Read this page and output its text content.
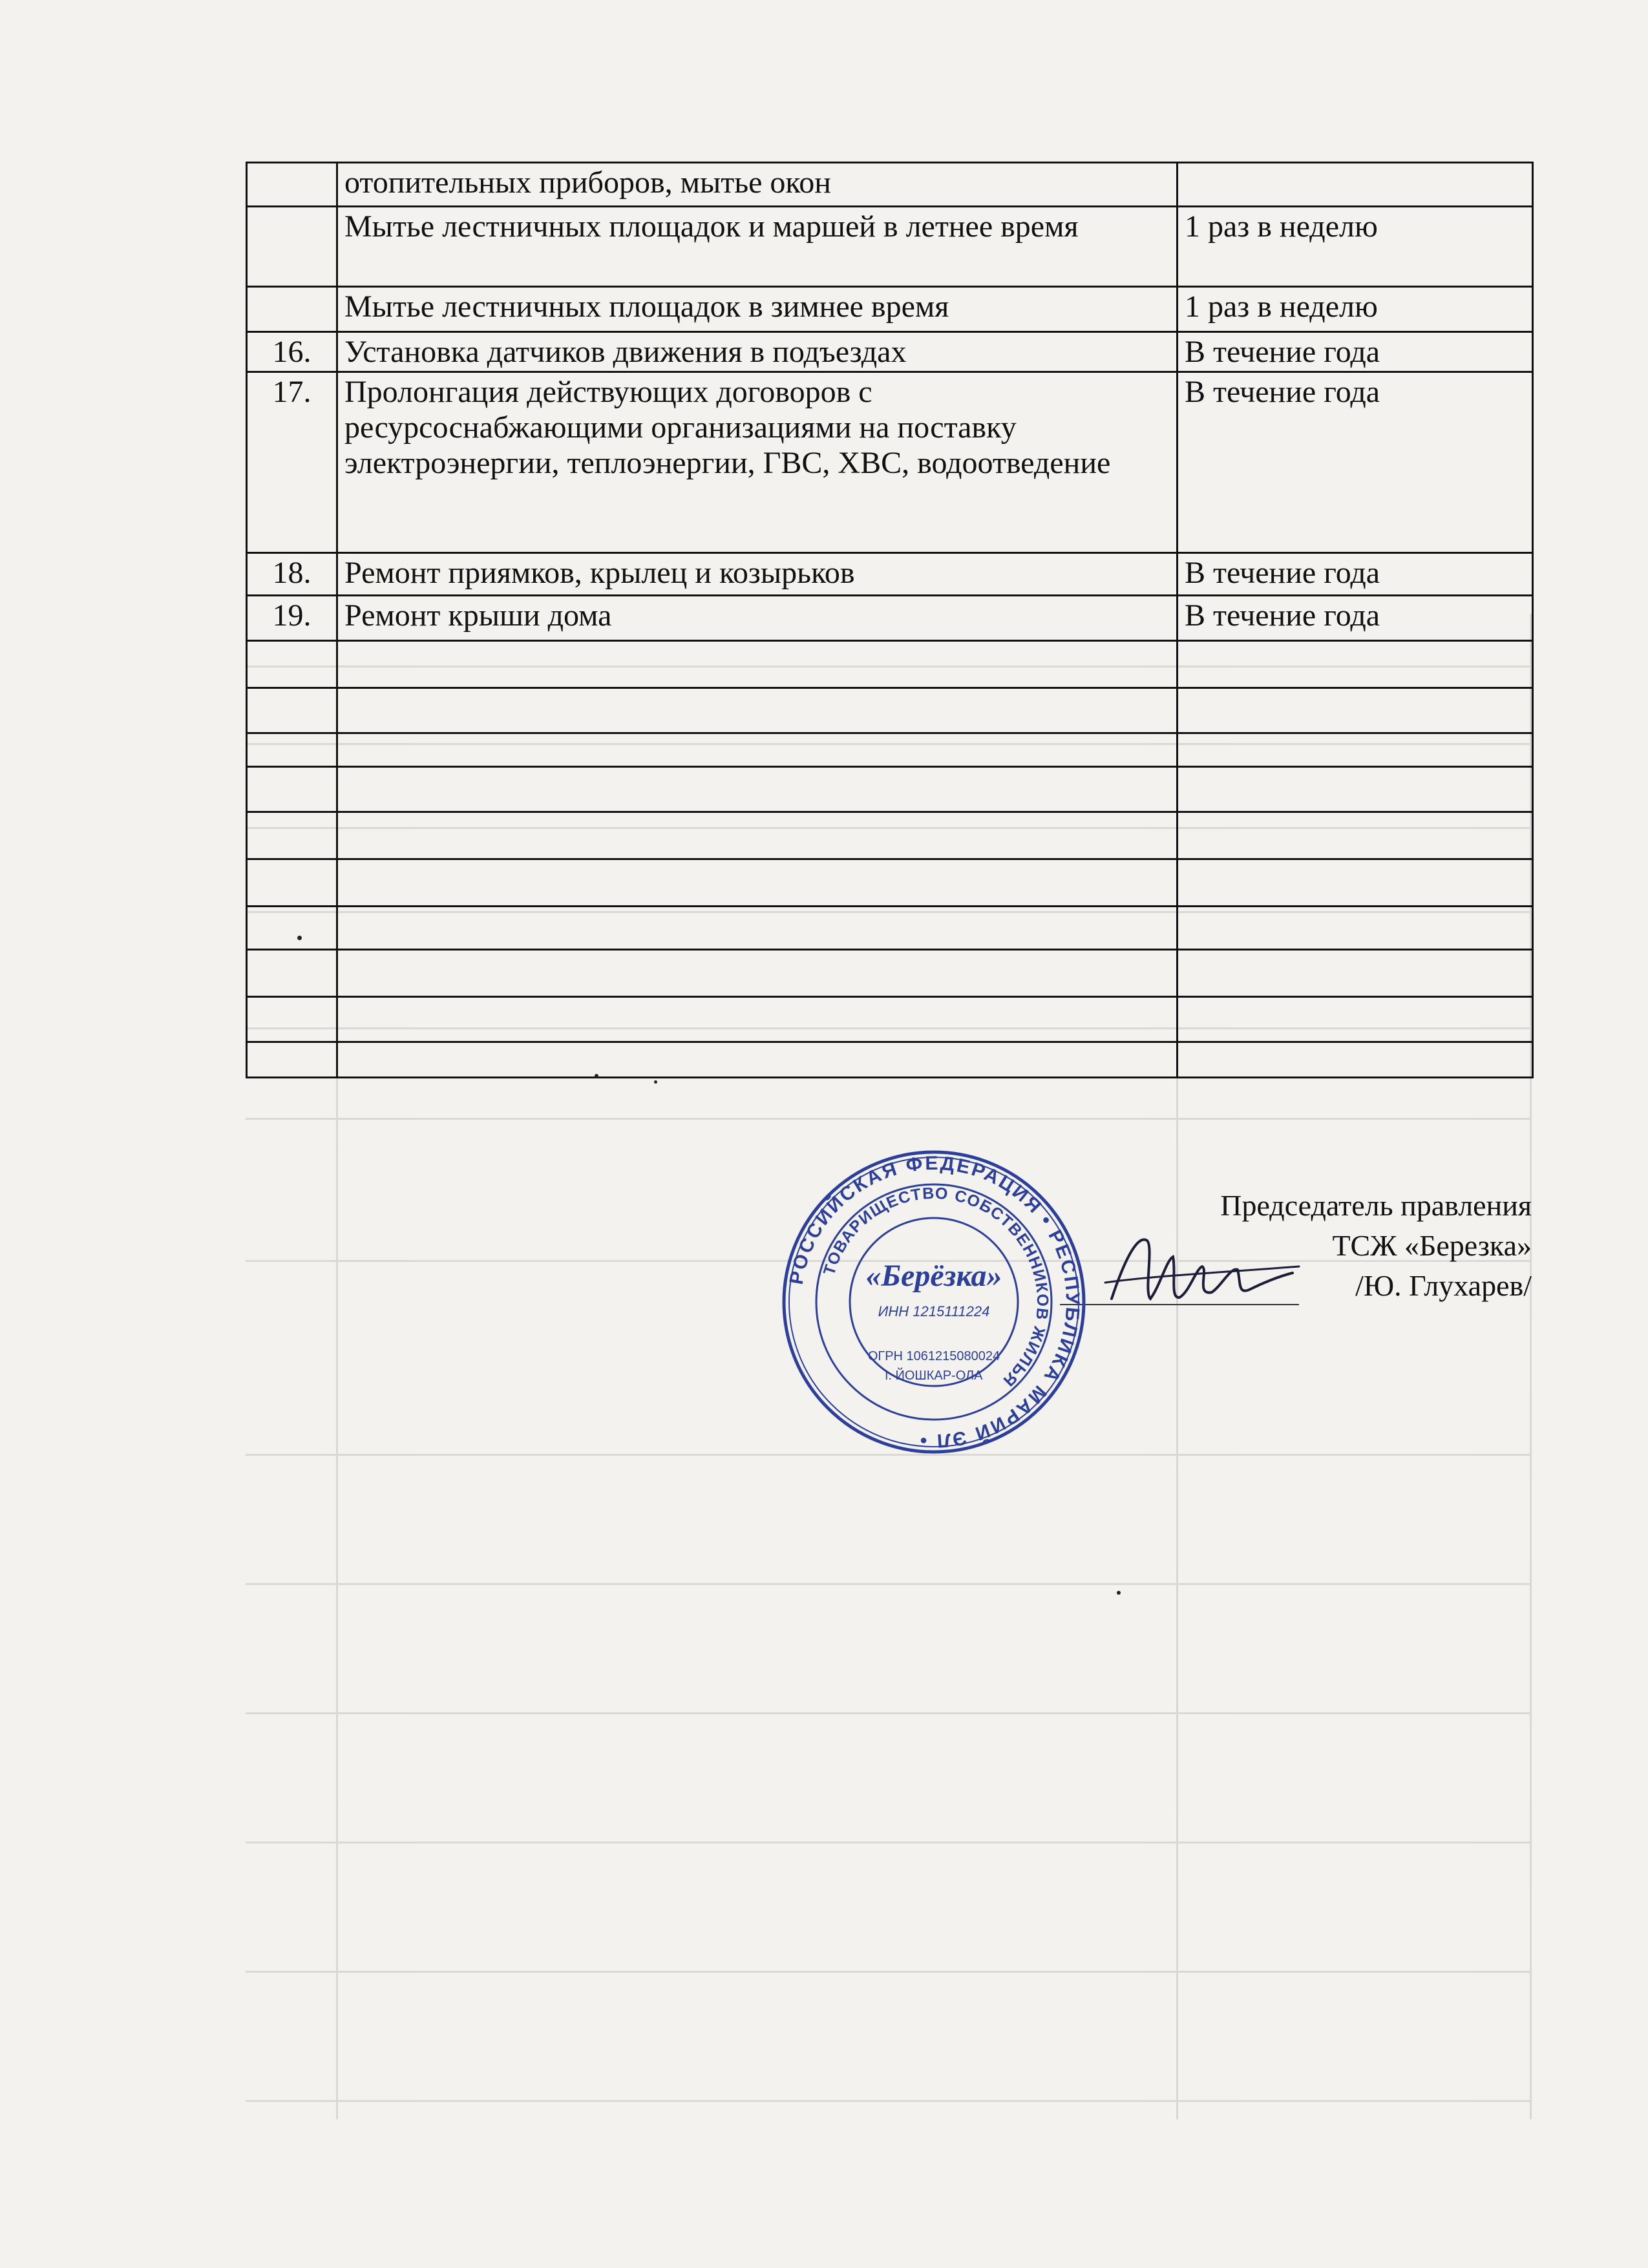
	отопительных приборов, мытье окон	
	Мытье лестничных площадок и маршей в летнее время	1 раз в неделю
	Мытье лестничных площадок в зимнее время	1 раз в неделю
16.	Установка датчиков движения в подъездах	В течение года
17.	Пролонгация действующих договоров с ресурсоснабжающими организациями на поставку электроэнергии, теплоэнергии, ГВС, ХВС, водоотведение	В течение года
18.	Ремонт приямков, крылец и козырьков	В течение года
19.	Ремонт крыши дома	В течение года

Председатель правления
ТСЖ «Березка»
/Ю. Глухарев/
РОССИЙСКАЯ ФЕДЕРАЦИЯ • РЕСПУБЛИКА МАРИЙ ЭЛ •
ТОВАРИЩЕСТВО СОБСТВЕННИКОВ ЖИЛЬЯ
«Берёзка»
ИНН 1215111224
ОГРН 1061215080024
г. ЙОШКАР-ОЛА
